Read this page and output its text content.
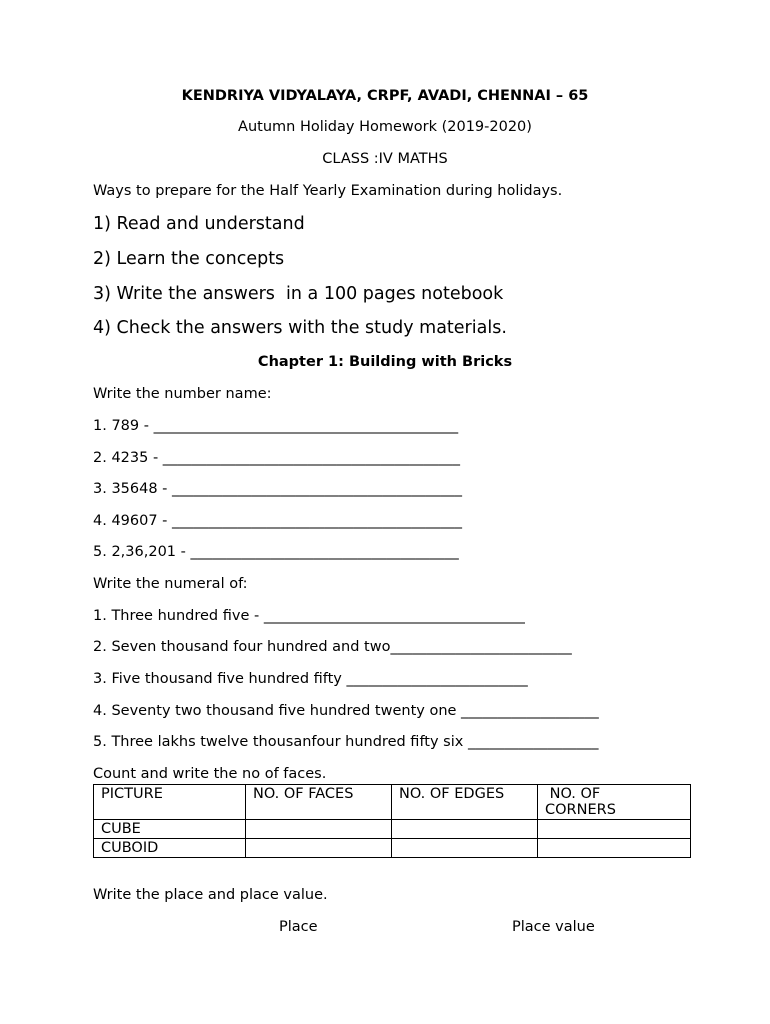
KENDRIYA VIDYALAYA, CRPF, AVADI, CHENNAI – 65
Autumn Holiday Homework (2019-2020)
CLASS :IV MATHS
Ways to prepare for the Half Yearly Examination during holidays.
1) Read and understand
2) Learn the concepts
3) Write the answers  in a 100 pages notebook
4) Check the answers with the study materials.
Chapter 1: Building with Bricks
Write the number name:
1. 789 - __________________________________________
2. 4235 - _________________________________________
3. 35648 - ________________________________________
4. 49607 - ________________________________________
5. 2,36,201 - _____________________________________
Write the numeral of:
1. Three hundred five - ____________________________________
2. Seven thousand four hundred and two_________________________
3. Five thousand five hundred fifty _________________________
4. Seventy two thousand five hundred twenty one ___________________
5. Three lakhs twelve thousanfour hundred fifty six __________________
Count and write the no of faces.
PICTURE	NO. OF FACES	NO. OF EDGES	NO. OF
CORNERS
CUBE			
CUBOID			
Write the place and place value.
Place	Place value
